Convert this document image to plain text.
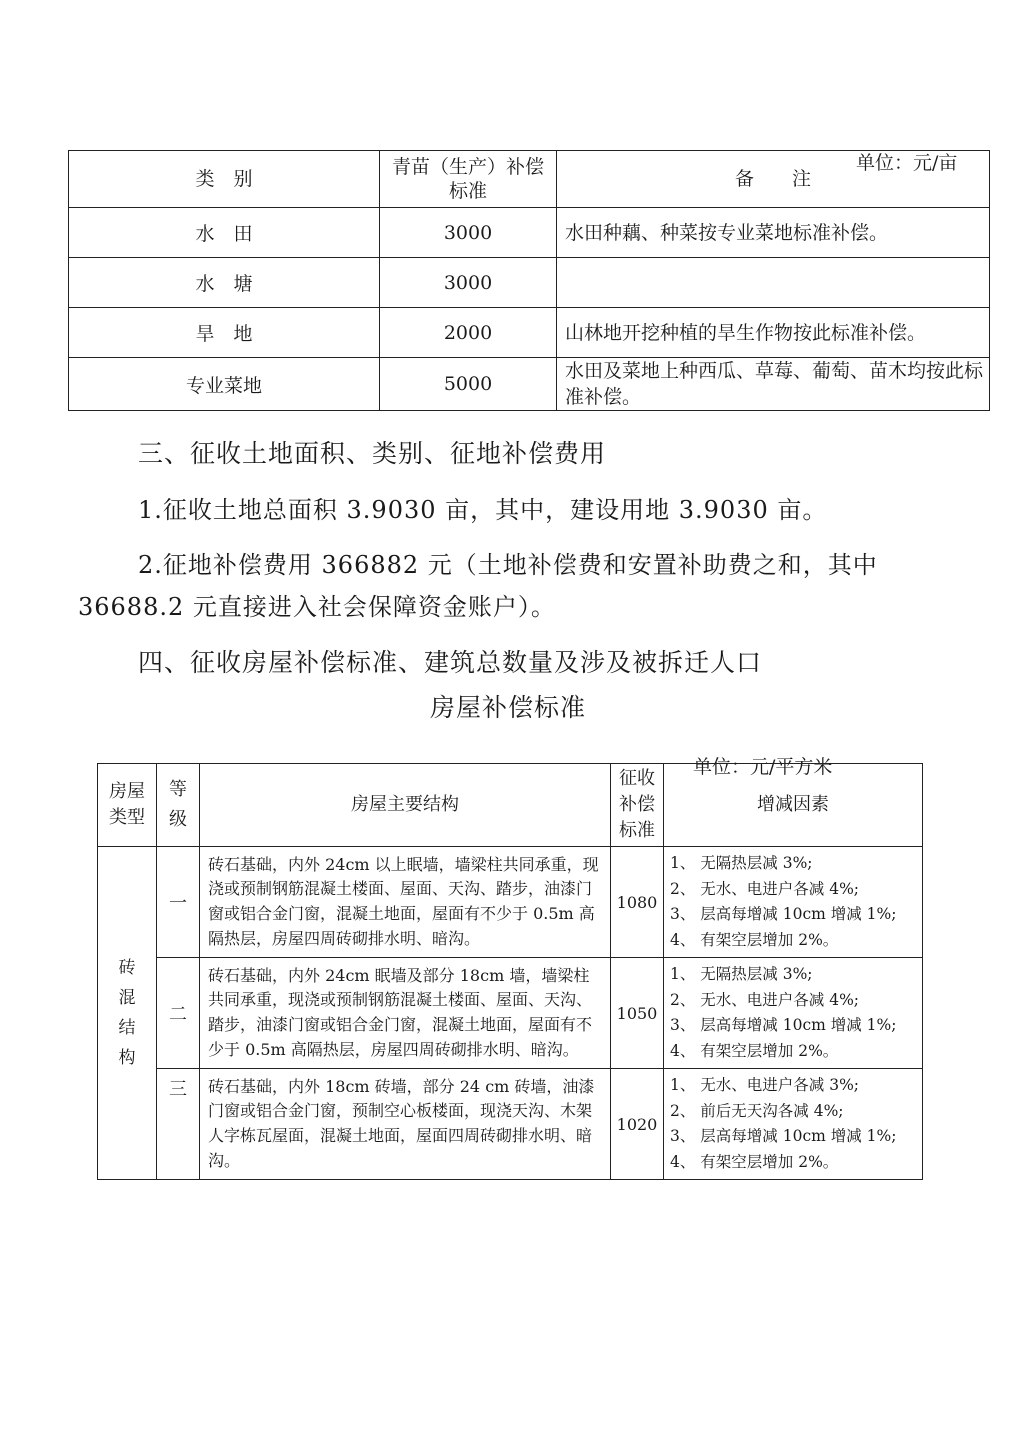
单位：元/亩
类　别	青苗（生产）补偿标准	备　　注
水　田	3000	水田种藕、种菜按专业菜地标准补偿。
水　塘	3000	
旱　地	2000	山林地开挖种植的旱生作物按此标准补偿。
专业菜地	5000	水田及菜地上种西瓜、草莓、葡萄、苗木均按此标准补偿。
三、征收土地面积、类别、征地补偿费用
1.征收土地总面积 3.9030 亩，其中，建设用地 3.9030 亩。
2.征地补偿费用 366882 元（土地补偿费和安置补助费之和，其中
36688.2 元直接进入社会保障资金账户）。
四、征收房屋补偿标准、建筑总数量及涉及被拆迁人口
房屋补偿标准
单位：元/平方米
房屋类型	等级	房屋主要结构	征收补偿标准	增减因素
砖混结构	一	砖石基础，内外 24cm 以上眠墙，墙梁柱共同承重，现浇或预制钢筋混凝土楼面、屋面、天沟、踏步，油漆门窗或铝合金门窗，混凝土地面，屋面有不少于 0.5m 高隔热层，房屋四周砖砌排水明、暗沟。	1080	1、 无隔热层减 3%;
2、 无水、电进户各减 4%;
3、 层高每增减 10cm 增减 1%;
4、 有架空层增加 2%。

	二	砖石基础，内外 24cm 眠墙及部分 18cm 墙，墙梁柱共同承重，现浇或预制钢筋混凝土楼面、屋面、天沟、踏步，油漆门窗或铝合金门窗，混凝土地面，屋面有不少于 0.5m 高隔热层，房屋四周砖砌排水明、暗沟。	1050	1、 无隔热层减 3%;
2、 无水、电进户各减 4%;
3、 层高每增减 10cm 增减 1%;
4、 有架空层增加 2%。

	三	砖石基础，内外 18cm 砖墙，部分 24 cm 砖墙，油漆门窗或铝合金门窗，预制空心板楼面，现浇天沟、木架人字栋瓦屋面，混凝土地面，屋面四周砖砌排水明、暗沟。	1020	1、 无水、电进户各减 3%;
2、 前后无天沟各减 4%;
3、 层高每增减 10cm 增减 1%;
4、 有架空层增加 2%。
